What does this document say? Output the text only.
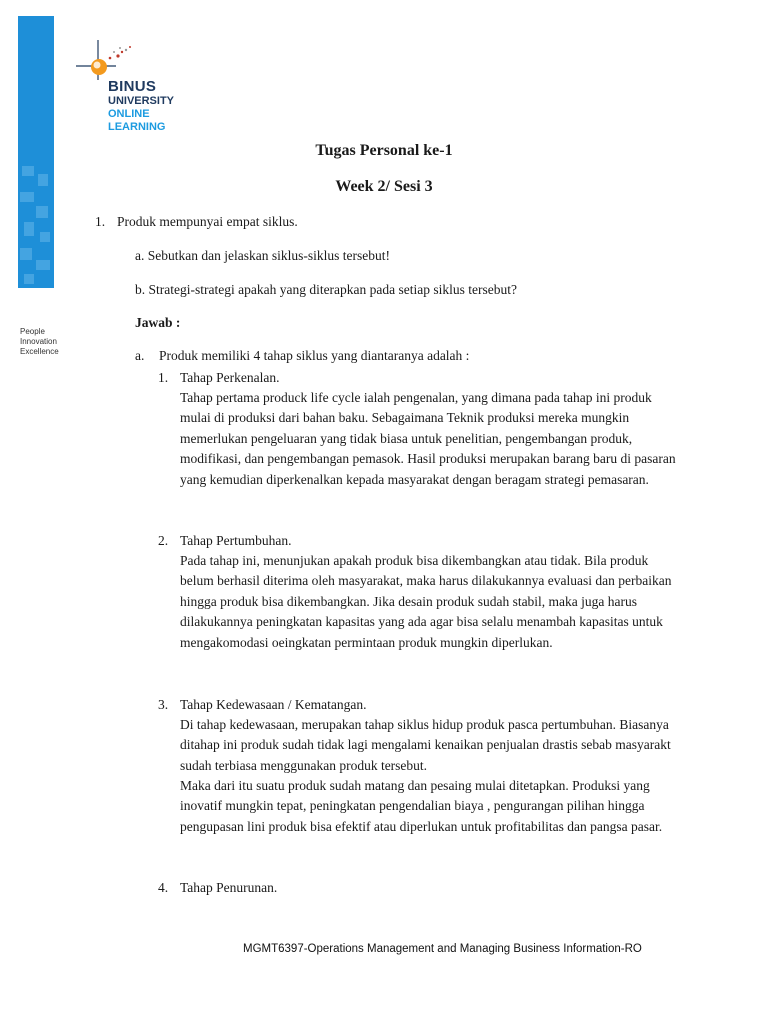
People
Innovation
Excellence
BINUS
UNIVERSITY
ONLINE
LEARNING
Tugas Personal ke-1
Week 2/ Sesi 3
1. Produk mempunyai empat siklus.
a. Sebutkan dan jelaskan siklus-siklus tersebut!
b. Strategi-strategi apakah yang diterapkan pada setiap siklus tersebut?
Jawab :
a. Produk memiliki 4 tahap siklus yang diantaranya adalah :
1. Tahap Perkenalan.
Tahap pertama produck life cycle ialah pengenalan, yang dimana pada tahap ini produk mulai di produksi dari bahan baku. Sebagaimana Teknik produksi mereka mungkin memerlukan pengeluaran yang tidak biasa untuk penelitian, pengembangan produk, modifikasi, dan pengembangan pemasok. Hasil produksi merupakan barang baru di pasaran yang kemudian diperkenalkan kepada masyarakat dengan beragam strategi pemasaran.
2. Tahap Pertumbuhan.
Pada tahap ini, menunjukan apakah produk bisa dikembangkan atau tidak. Bila produk belum berhasil diterima oleh masyarakat, maka harus dilakukannya evaluasi dan perbaikan hingga produk bisa dikembangkan. Jika desain produk sudah stabil, maka juga harus dilakukannya peningkatan kapasitas yang ada agar bisa selalu menambah kapasitas untuk mengakomodasi oeingkatan permintaan produk mungkin diperlukan.
3. Tahap Kedewasaan / Kematangan.
Di tahap kedewasaan, merupakan tahap siklus hidup produk pasca pertumbuhan. Biasanya ditahap ini produk sudah tidak lagi mengalami kenaikan penjualan drastis sebab masyarakt sudah terbiasa menggunakan produk tersebut.
Maka dari itu suatu produk sudah matang dan pesaing mulai ditetapkan. Produksi yang inovatif mungkin tepat, peningkatan pengendalian biaya , pengurangan pilihan hingga pengupasan lini produk bisa efektif atau diperlukan untuk profitabilitas dan pangsa pasar.
4. Tahap Penurunan.
MGMT6397-Operations Management and Managing Business Information-RO
